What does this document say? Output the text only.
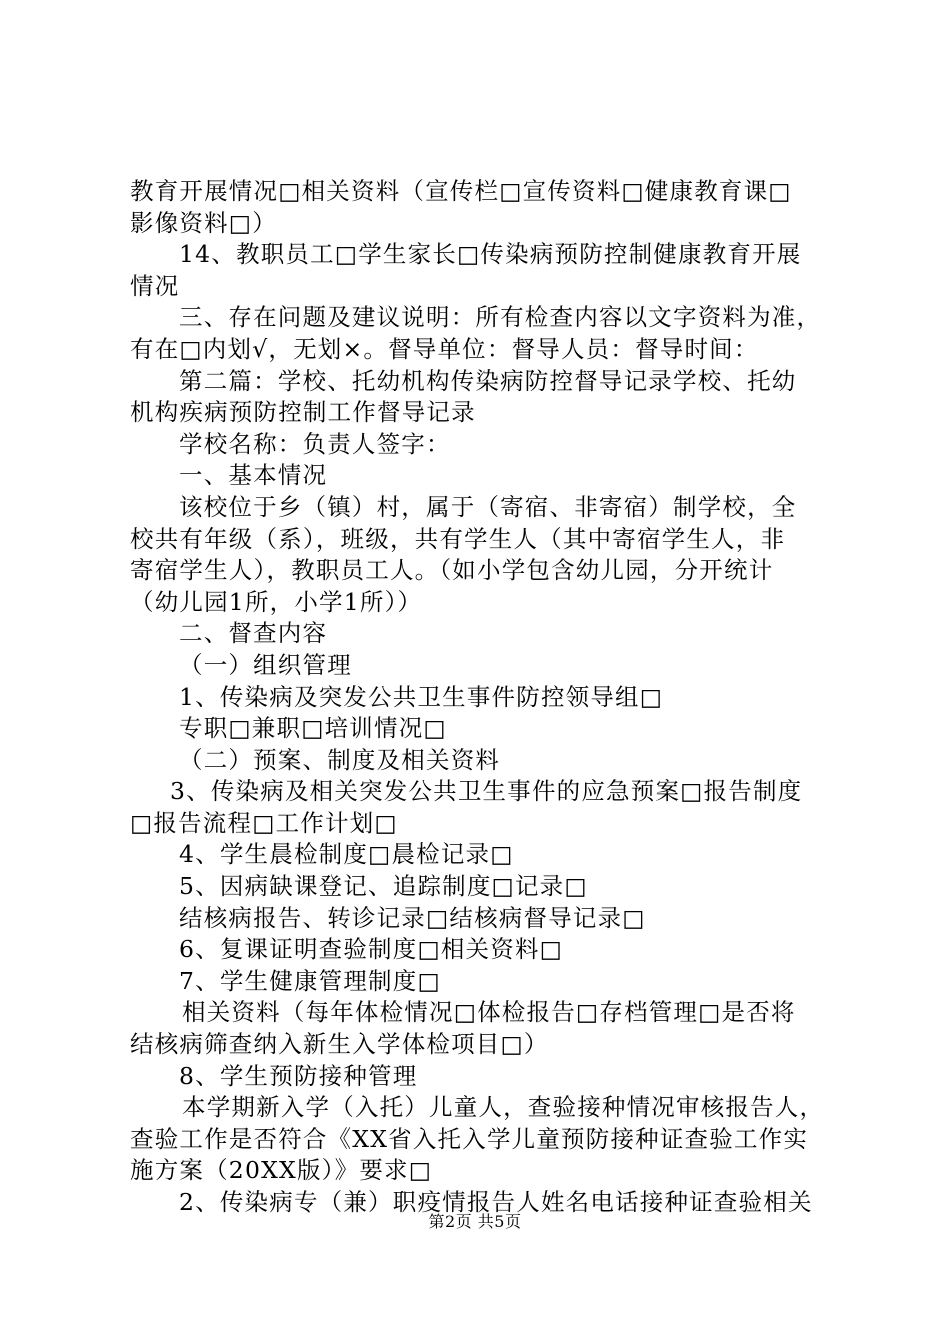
教育开展情况□相关资料（宣传栏□宣传资料□健康教育课□
影像资料□）
14、教职员工□学生家长□传染病预防控制健康教育开展
情况
三、存在问题及建议说明：所有检查内容以文字资料为准，
有在□内划√，无划×。督导单位：督导人员：督导时间：
第二篇：学校、托幼机构传染病防控督导记录学校、托幼
机构疾病预防控制工作督导记录
学校名称：负责人签字：
一、基本情况
该校位于乡（镇）村，属于（寄宿、非寄宿）制学校，全
校共有年级（系），班级，共有学生人（其中寄宿学生人，非
寄宿学生人），教职员工人。（如小学包含幼儿园，分开统计
（幼儿园1所，小学1所））
二、督查内容
（一）组织管理
1、传染病及突发公共卫生事件防控领导组□
专职□兼职□培训情况□
（二）预案、制度及相关资料
3、传染病及相关突发公共卫生事件的应急预案□报告制度
□报告流程□工作计划□
4、学生晨检制度□晨检记录□
5、因病缺课登记、追踪制度□记录□
结核病报告、转诊记录□结核病督导记录□
6、复课证明查验制度□相关资料□
7、学生健康管理制度□
相关资料（每年体检情况□体检报告□存档管理□是否将
结核病筛查纳入新生入学体检项目□）
8、学生预防接种管理
本学期新入学（入托）儿童人，查验接种情况审核报告人，
查验工作是否符合《XX省入托入学儿童预防接种证查验工作实
施方案（20XX版）》要求□
2、传染病专（兼）职疫情报告人姓名电话接种证查验相关
第2页 共5页
